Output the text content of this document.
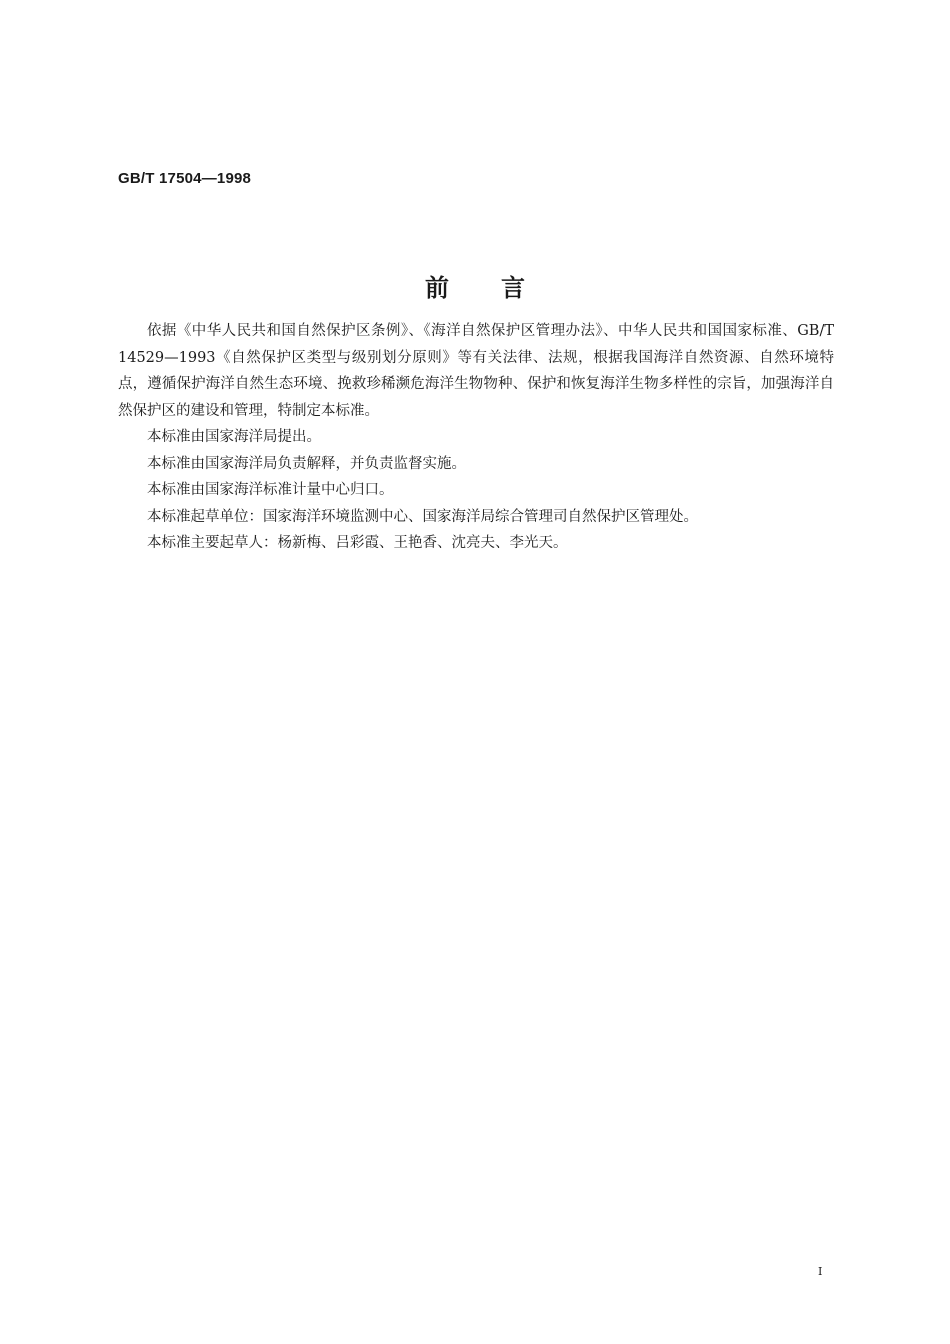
GB/T 17504—1998
前言

依据《中华人民共和国自然保护区条例》、《海洋自然保护区管理办法》、中华人民共和国国家标准、GB/T 14529—1993《自然保护区类型与级别划分原则》等有关法律、法规，根据我国海洋自然资源、自然环境特点，遵循保护海洋自然生态环境、挽救珍稀濒危海洋生物物种、保护和恢复海洋生物多样性的宗旨，加强海洋自然保护区的建设和管理，特制定本标准。

本标准由国家海洋局提出。

本标准由国家海洋局负责解释，并负责监督实施。

本标准由国家海洋标准计量中心归口。

本标准起草单位：国家海洋环境监测中心、国家海洋局综合管理司自然保护区管理处。

本标准主要起草人：杨新梅、吕彩霞、王艳香、沈亮夫、李光天。

I
